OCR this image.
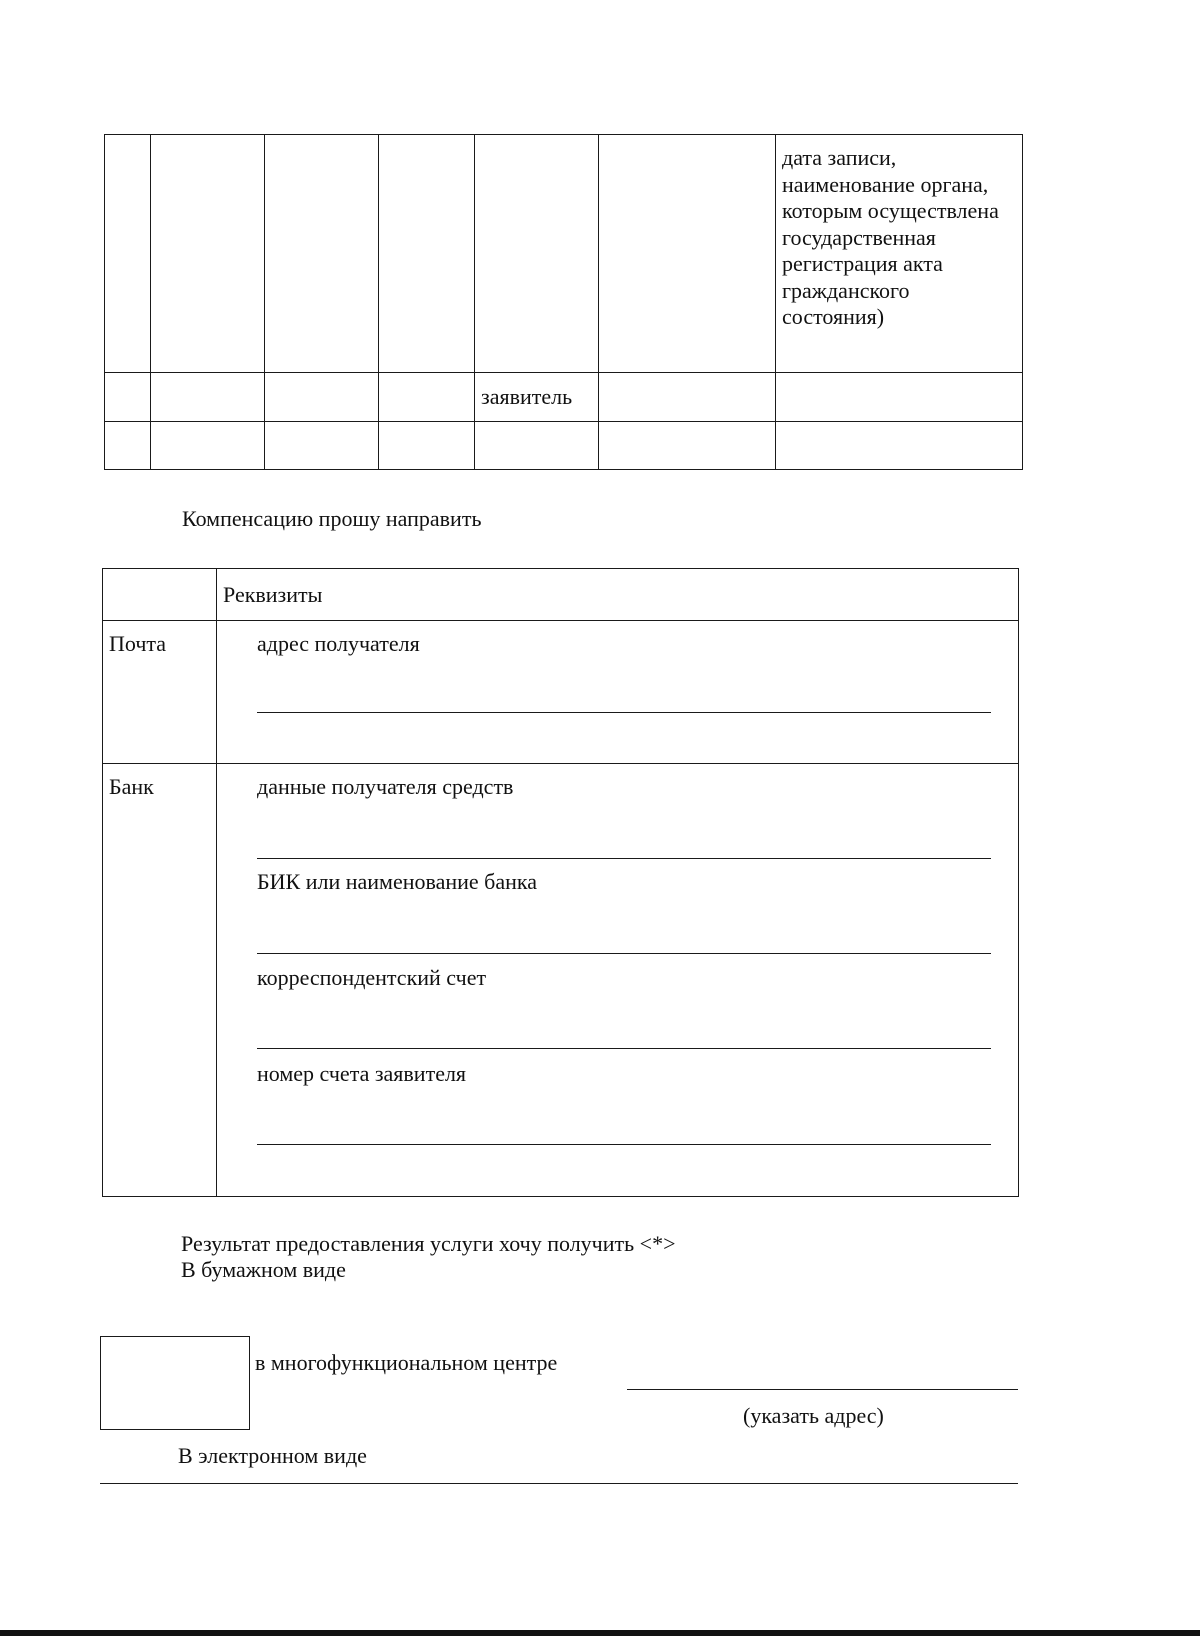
						дата записи, наименование органа, которым осуществлена государственная регистрация акта гражданского состояния)
				заявитель		

Компенсацию прошу направить
	Реквизиты
Почта	адрес получателя

Банк	данные получателя средств
БИК или наименование банка
корреспондентский счет
номер счета заявителя
Результат предоставления услуги хочу получить <*>
В бумажном виде
в многофункциональном центре
(указать адрес)
В электронном виде
